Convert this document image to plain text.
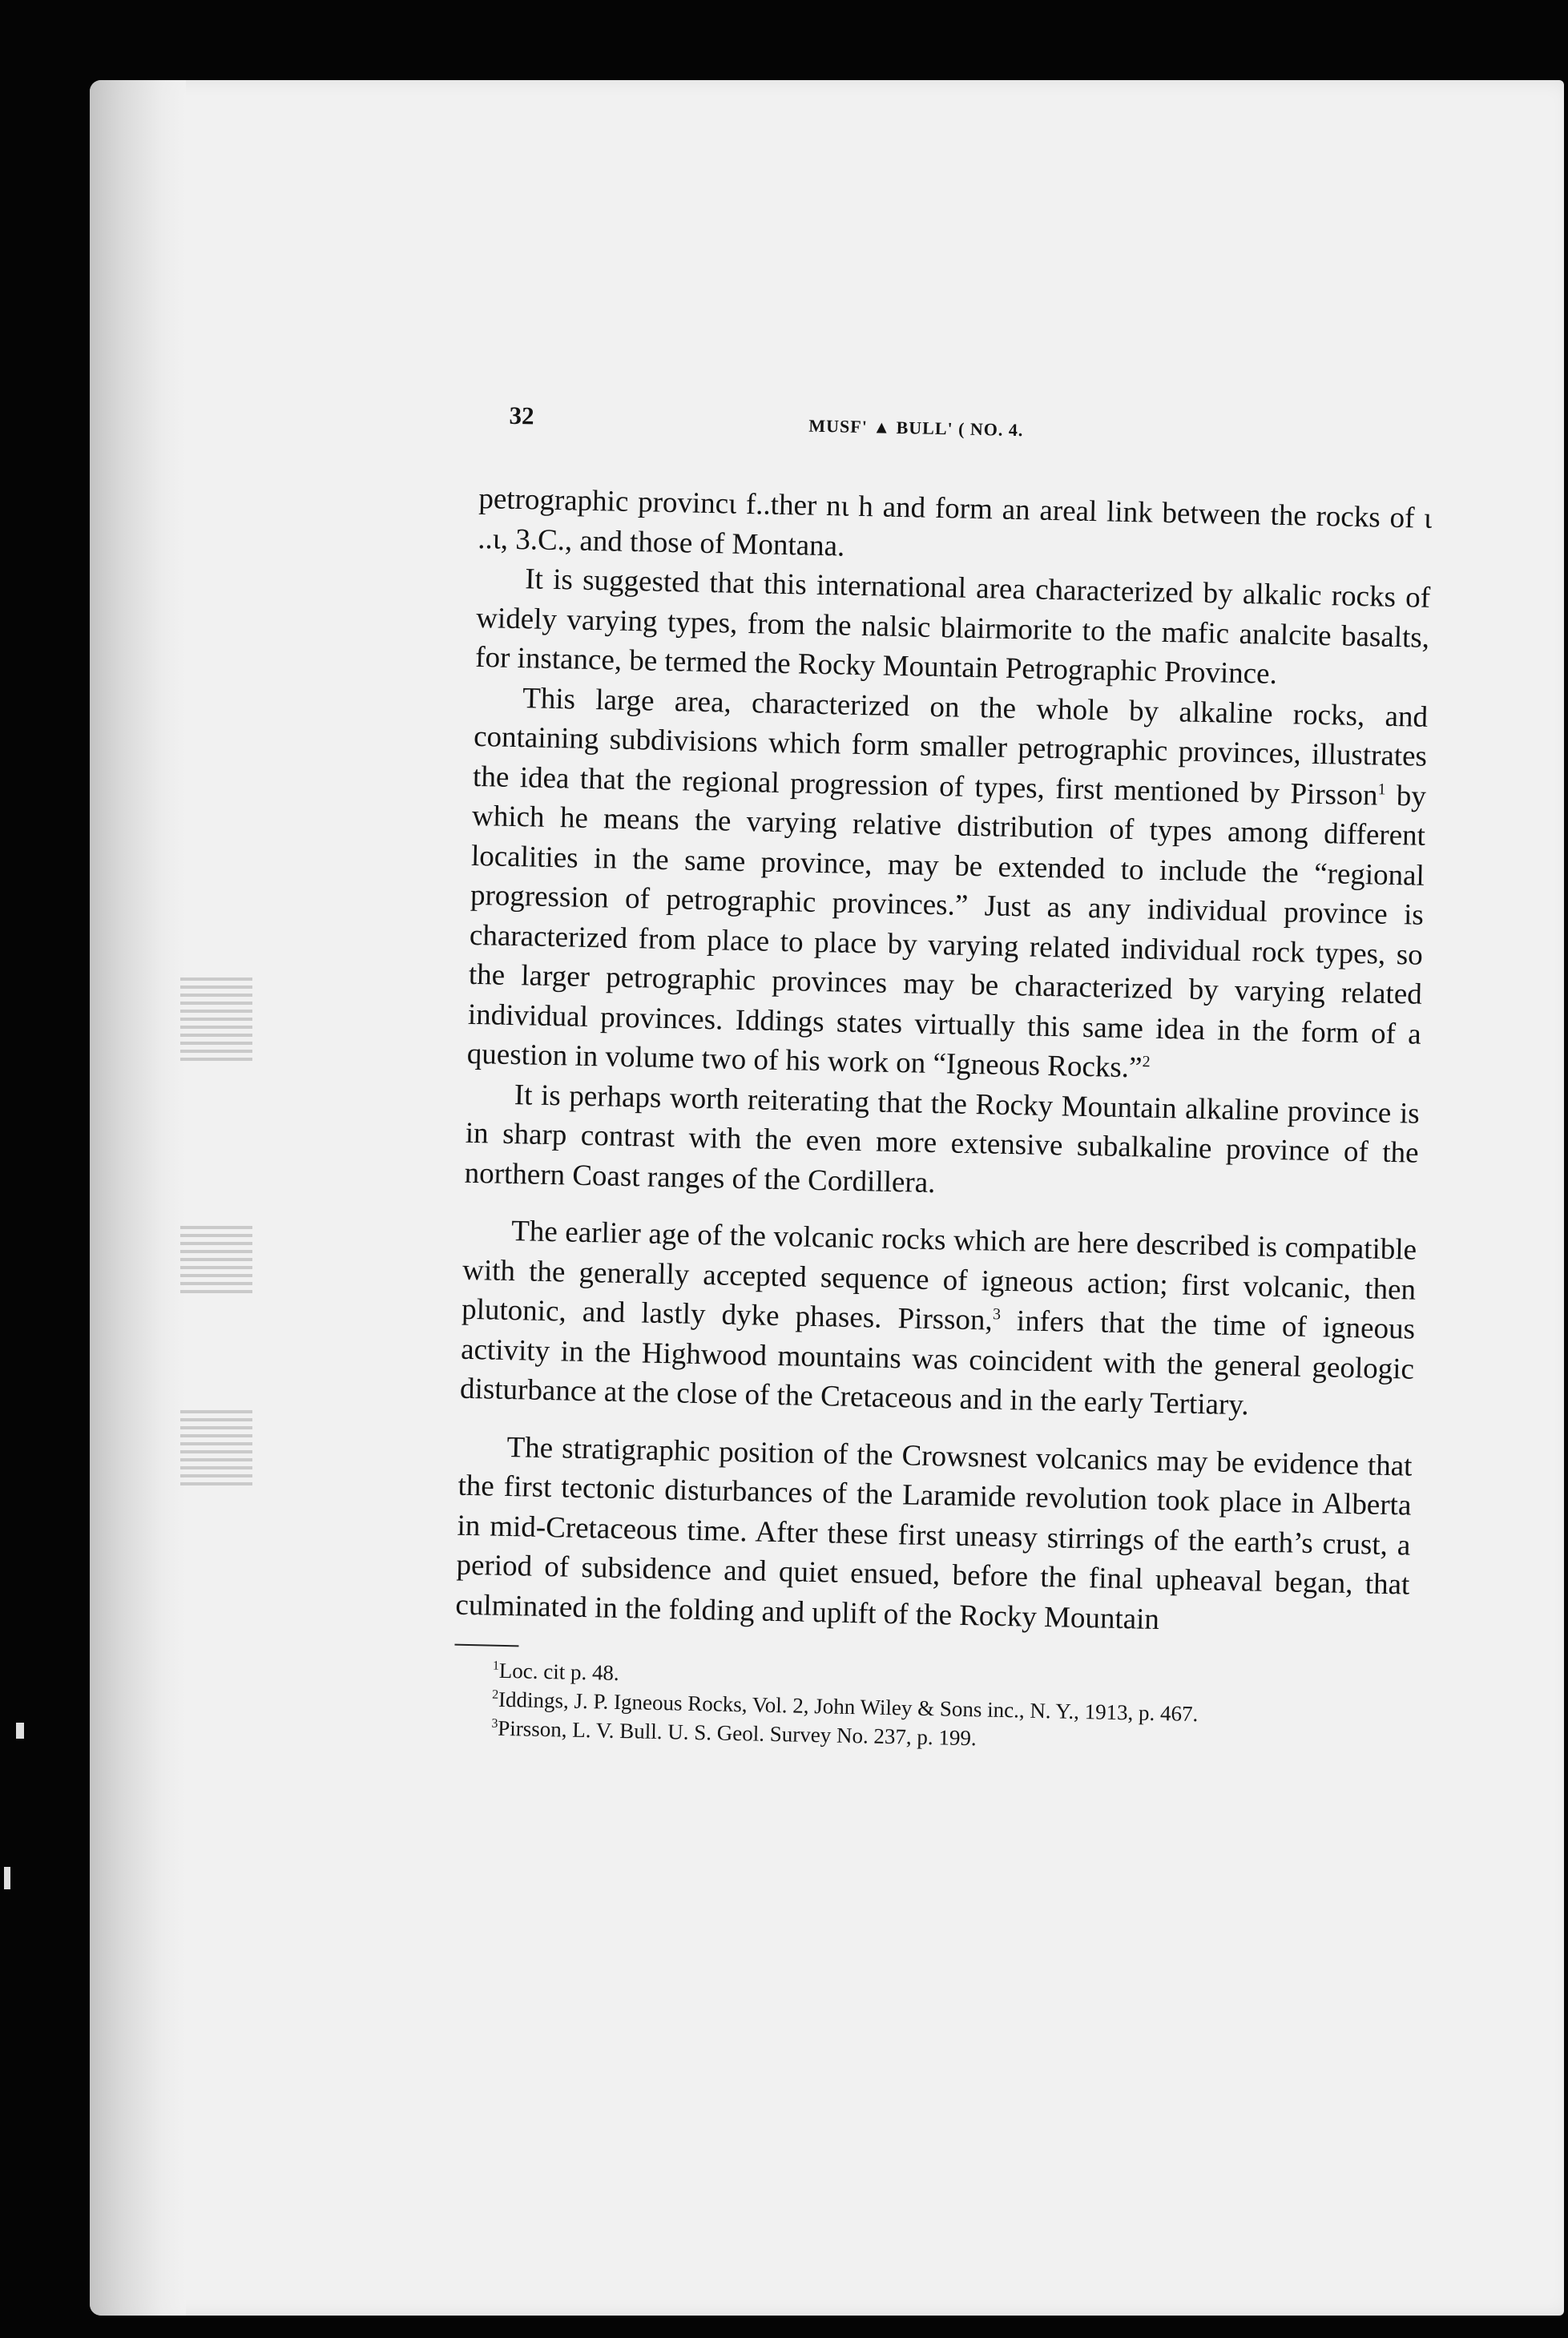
32	MUSF' ▲ BULL' ( NO. 4.

petrographic provincι f..ther nι h and form an areal link between the rocks of ι ..ι, 3.C., and those of Montana.

It is suggested that this international area characterized by alkalic rocks of widely varying types, from the nalsic blairmorite to the mafic analcite basalts, for instance, be termed the Rocky Mountain Petrographic Province.

This large area, characterized on the whole by alkaline rocks, and containing subdivisions which form smaller petrographic provinces, illustrates the idea that the regional progression of types, first mentioned by Pirsson$^1$ by which he means the varying relative distribution of types among different localities in the same province, may be extended to include the “regional progression of petrographic provinces.” Just as any individual province is characterized from place to place by varying related individual rock types, so the larger petrographic provinces may be characterized by varying related individual provinces. Iddings states virtually this same idea in the form of a question in volume two of his work on “Igneous Rocks.”$^2$

It is perhaps worth reiterating that the Rocky Mountain alkaline province is in sharp contrast with the even more extensive subalkaline province of the northern Coast ranges of the Cordillera.

The earlier age of the volcanic rocks which are here described is compatible with the generally accepted sequence of igneous action; first volcanic, then plutonic, and lastly dyke phases. Pirsson,$^3$ infers that the time of igneous activity in the Highwood mountains was coincident with the general geologic disturbance at the close of the Cretaceous and in the early Tertiary.

The stratigraphic position of the Crowsnest volcanics may be evidence that the first tectonic disturbances of the Laramide revolution took place in Alberta in mid-Cretaceous time. After these first uneasy stirrings of the earth’s crust, a period of subsidence and quiet ensued, before the final upheaval began, that culminated in the folding and uplift of the Rocky Mountain

$^1$Loc. cit p. 48.

$^2$Iddings, J. P. Igneous Rocks, Vol. 2, John Wiley & Sons inc., N. Y., 1913, p. 467.

$^3$Pirsson, L. V. Bull. U. S. Geol. Survey No. 237, p. 199.
